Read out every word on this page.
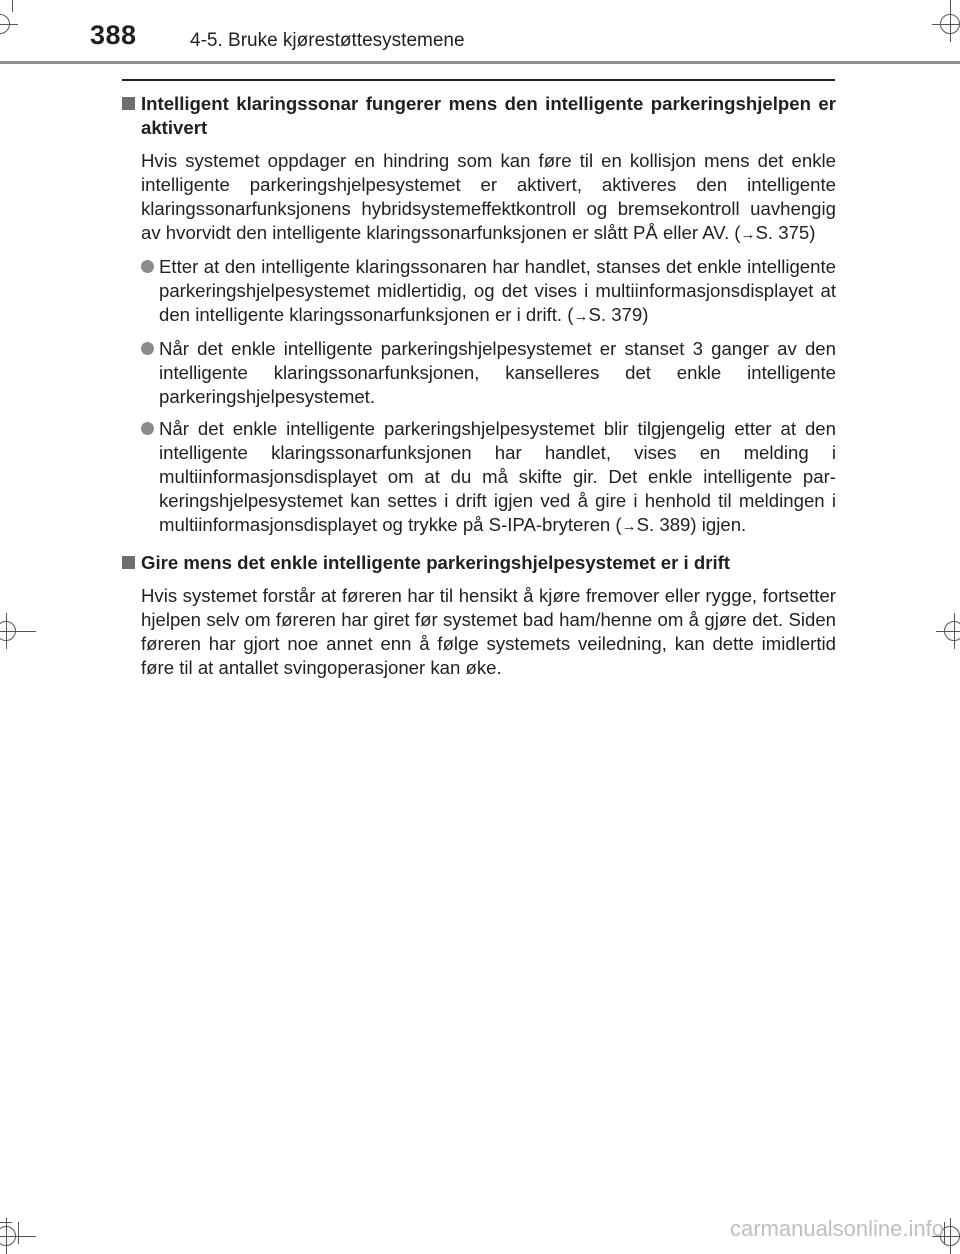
388	4-5. Bruke kjørestøttesystemene
Intelligent klaringssonar fungerer mens den intelligente parkeringshjelpen er aktivert
Hvis systemet oppdager en hindring som kan føre til en kollisjon mens det enkle intelligente parkeringshjelpesystemet er aktivert, aktiveres den intelligente klaringssonarfunksjonens hybridsystemeffektkontroll og bremsekontroll uavhengig av hvorvidt den intelligente klaringssonarfunksjonen er slått PÅ eller AV. (→S. 375)
Etter at den intelligente klaringssonaren har handlet, stanses det enkle intelligente parkeringshjelpesystemet midlertidig, og det vises i multiinformasjonsdisplayet at den intelligente klaringssonarfunksjonen er i drift. (→S. 379)
Når det enkle intelligente parkeringshjelpesystemet er stanset 3 ganger av den intelligente klaringssonarfunksjonen, kanselleres det enkle intelligente parkeringshjelpesystemet.
Når det enkle intelligente parkeringshjelpesystemet blir tilgjengelig etter at den intelligente klaringssonarfunksjonen har handlet, vises en melding i multiinformasjonsdisplayet om at du må skifte gir. Det enkle intelligente parkeringshjelpesystemet kan settes i drift igjen ved å gire i henhold til meldingen i multiinformasjonsdisplayet og trykke på S-IPA-bryteren (→S. 389) igjen.
Gire mens det enkle intelligente parkeringshjelpesystemet er i drift
Hvis systemet forstår at føreren har til hensikt å kjøre fremover eller rygge, fortsetter hjelpen selv om føreren har giret før systemet bad ham/henne om å gjøre det. Siden føreren har gjort noe annet enn å følge systemets veiledning, kan dette imidlertid føre til at antallet svingoperasjoner kan øke.
carmanualsonline.info
